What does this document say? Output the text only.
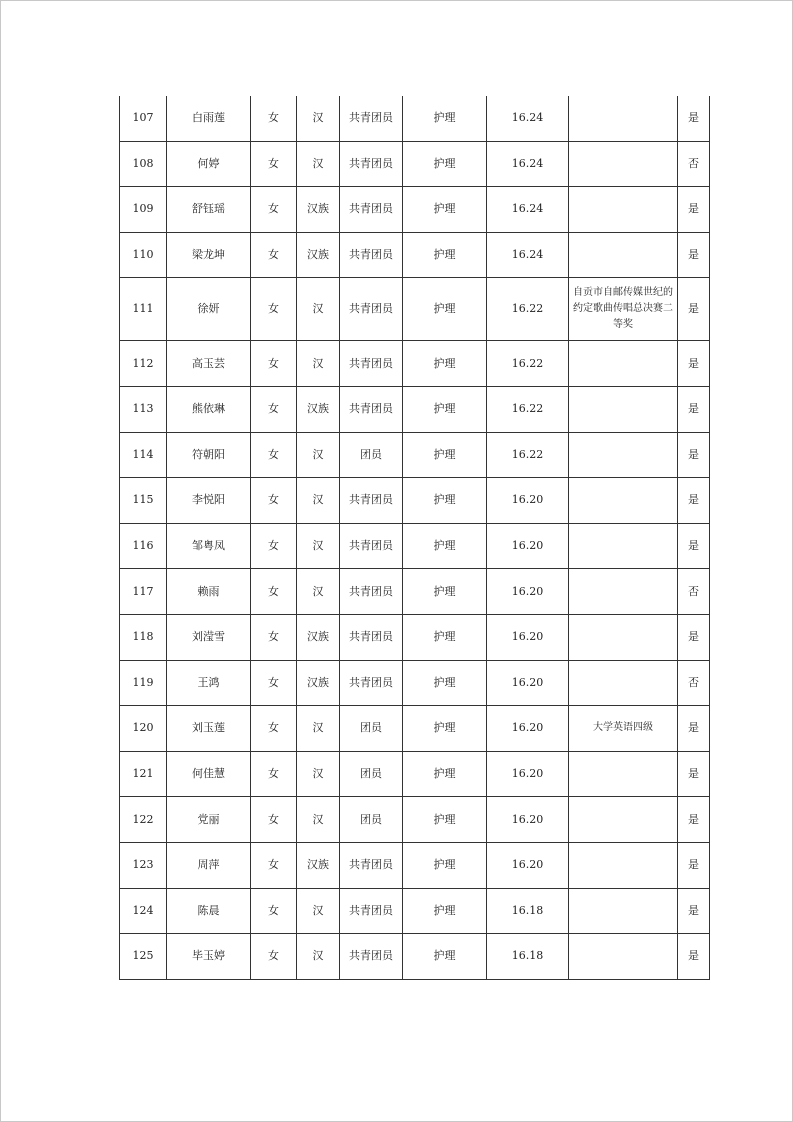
107	白雨莲	女	汉	共青团员	护理	16.24		是
108	何婷	女	汉	共青团员	护理	16.24		否
109	舒钰瑶	女	汉族	共青团员	护理	16.24		是
110	梁龙坤	女	汉族	共青团员	护理	16.24		是
111	徐妍	女	汉	共青团员	护理	16.22	自贡市自邮传媒世纪的约定歌曲传唱总决赛二等奖	是
112	高玉芸	女	汉	共青团员	护理	16.22		是
113	熊依琳	女	汉族	共青团员	护理	16.22		是
114	符朝阳	女	汉	团员	护理	16.22		是
115	李悦阳	女	汉	共青团员	护理	16.20		是
116	邹粤凤	女	汉	共青团员	护理	16.20		是
117	赖雨	女	汉	共青团员	护理	16.20		否
118	刘滢雪	女	汉族	共青团员	护理	16.20		是
119	王鸿	女	汉族	共青团员	护理	16.20		否
120	刘玉莲	女	汉	团员	护理	16.20	大学英语四级	是
121	何佳慧	女	汉	团员	护理	16.20		是
122	党丽	女	汉	团员	护理	16.20		是
123	周萍	女	汉族	共青团员	护理	16.20		是
124	陈晨	女	汉	共青团员	护理	16.18		是
125	毕玉婷	女	汉	共青团员	护理	16.18		是
